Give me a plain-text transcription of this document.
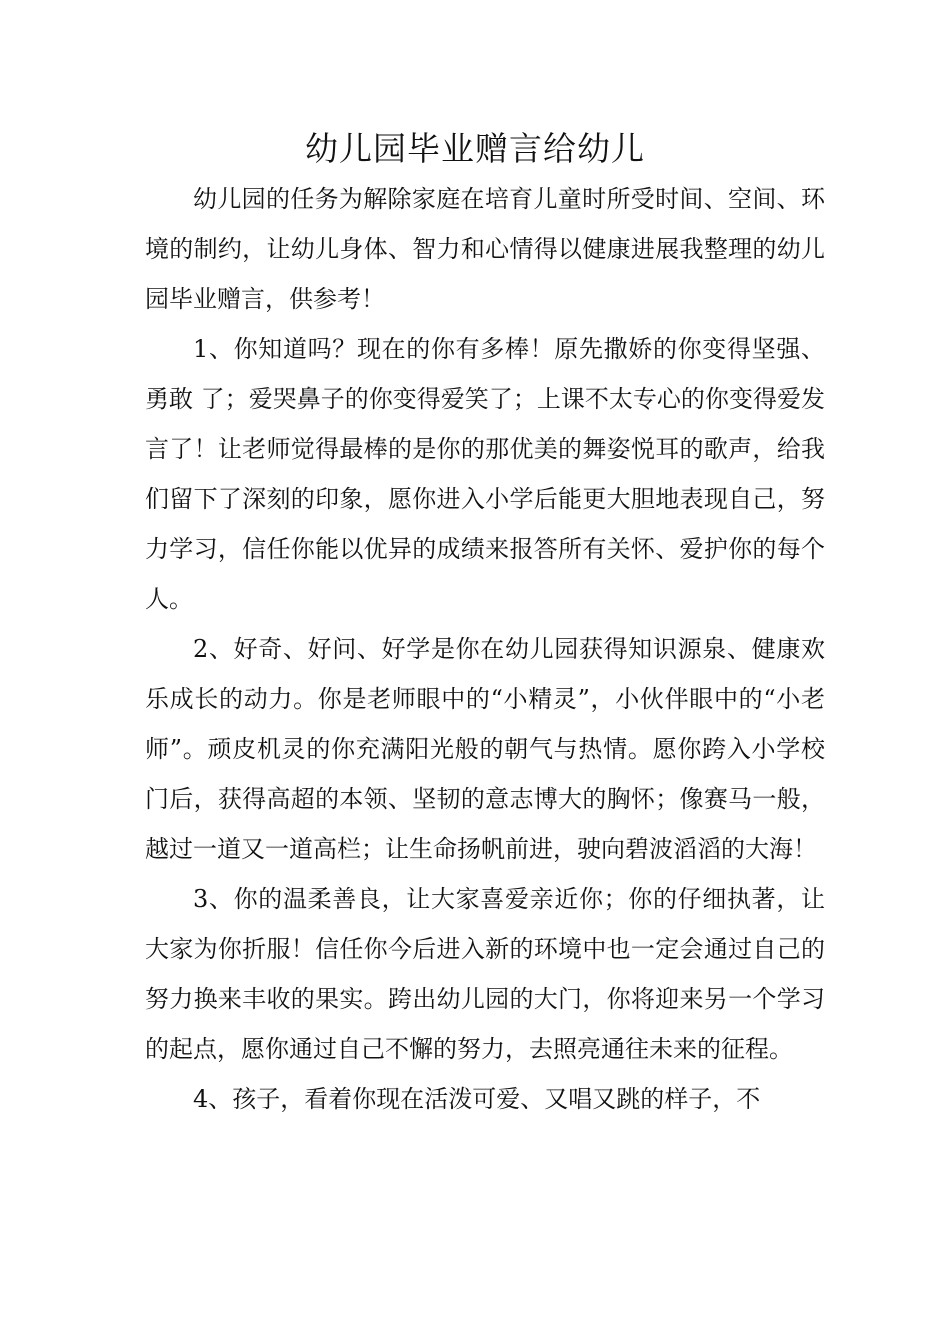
幼儿园毕业赠言给幼儿

幼儿园的任务为解除家庭在培育儿童时所受时间、空间、环境的制约，让幼儿身体、智力和心情得以健康进展我整理的幼儿园毕业赠言，供参考！

1、你知道吗？现在的你有多棒！原先撒娇的你变得坚强、勇敢 了；爱哭鼻子的你变得爱笑了；上课不太专心的你变得爱发言了！让老师觉得最棒的是你的那优美的舞姿悦耳的歌声，给我们留下了深刻的印象，愿你进入小学后能更大胆地表现自己，努力学习，信任你能以优异的成绩来报答所有关怀、爱护你的每个人。

2、好奇、好问、好学是你在幼儿园获得知识源泉、健康欢乐成长的动力。你是老师眼中的“小精灵”，小伙伴眼中的“小老师”。顽皮机灵的你充满阳光般的朝气与热情。愿你跨入小学校门后，获得高超的本领、坚韧的意志博大的胸怀；像赛马一般，越过一道又一道高栏；让生命扬帆前进，驶向碧波滔滔的大海！

3、你的温柔善良，让大家喜爱亲近你；你的仔细执著，让大家为你折服！信任你今后进入新的环境中也一定会通过自己的努力换来丰收的果实。跨出幼儿园的大门，你将迎来另一个学习的起点，愿你通过自己不懈的努力，去照亮通往未来的征程。

4、孩子，看着你现在活泼可爱、又唱又跳的样子，不
